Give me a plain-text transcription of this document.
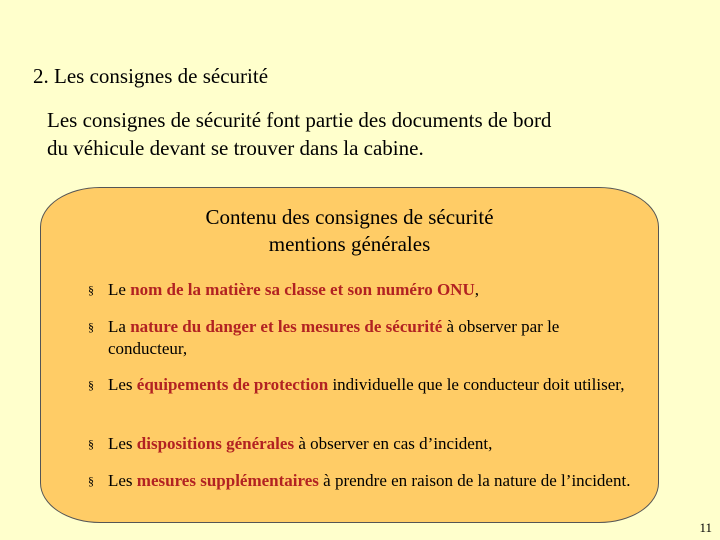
2. Les consignes de sécurité
Les consignes de sécurité font partie des documents de bord
du véhicule devant se trouver dans la cabine.
Contenu des consignes de sécurité
mentions générales
§ Le nom de la matière sa classe et son numéro ONU,
§ La nature du danger et les mesures de sécurité à observer par le conducteur,
§ Les équipements de protection individuelle que le conducteur doit utiliser,
§ Les dispositions générales à observer en cas d’incident,
§ Les mesures supplémentaires à prendre en raison de la nature de l’incident.
11
